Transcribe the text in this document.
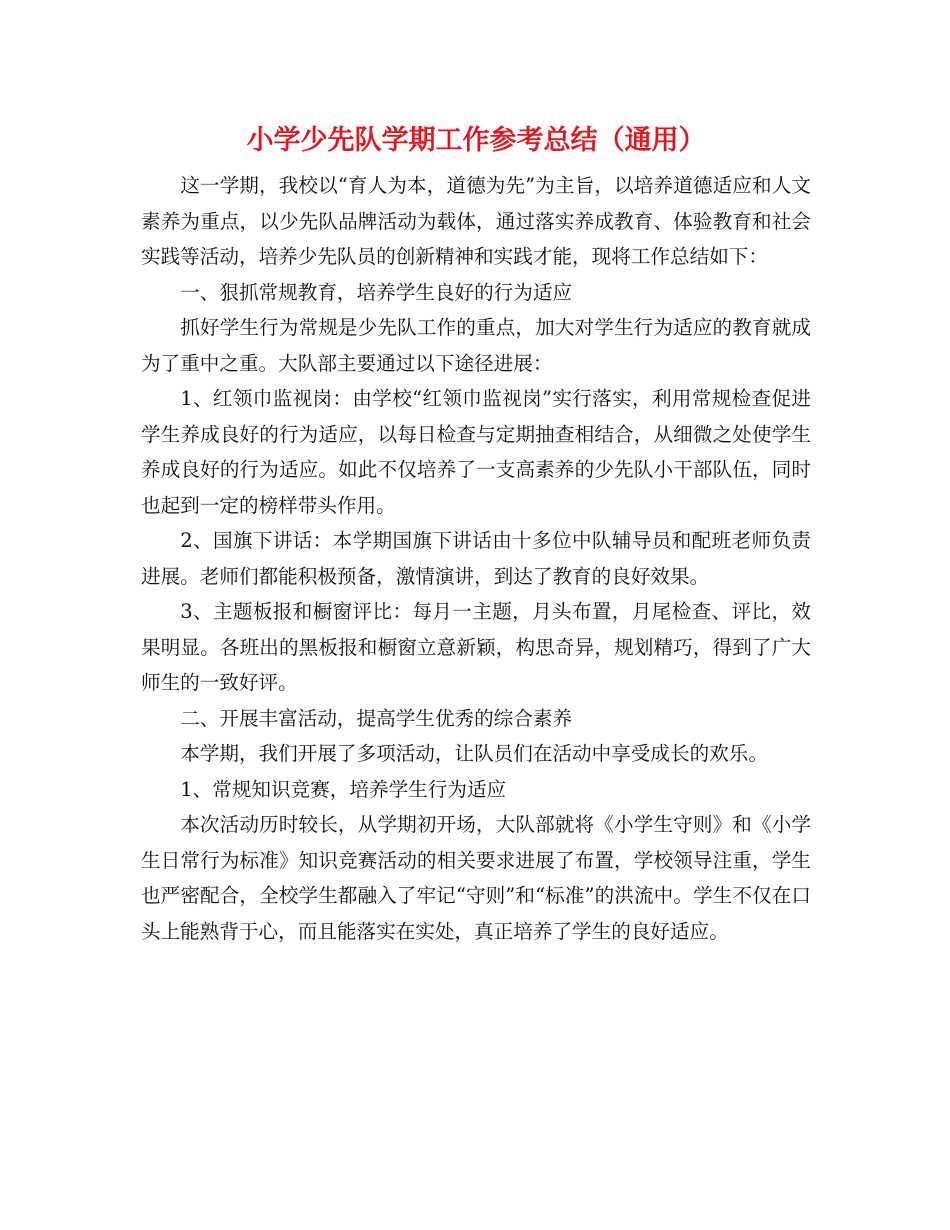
小学少先队学期工作参考总结（通用）

这一学期，我校以“育人为本，道德为先”为主旨，以培养道德适应和人文素养为重点，以少先队品牌活动为载体，通过落实养成教育、体验教育和社会实践等活动，培养少先队员的创新精神和实践才能，现将工作总结如下：

一、狠抓常规教育，培养学生良好的行为适应

抓好学生行为常规是少先队工作的重点，加大对学生行为适应的教育就成为了重中之重。大队部主要通过以下途径进展：

1、红领巾监视岗：由学校“红领巾监视岗”实行落实，利用常规检查促进学生养成良好的行为适应，以每日检查与定期抽查相结合，从细微之处使学生养成良好的行为适应。如此不仅培养了一支高素养的少先队小干部队伍，同时也起到一定的榜样带头作用。

2、国旗下讲话：本学期国旗下讲话由十多位中队辅导员和配班老师负责进展。老师们都能积极预备，激情演讲，到达了教育的良好效果。

3、主题板报和橱窗评比：每月一主题，月头布置，月尾检查、评比，效果明显。各班出的黑板报和橱窗立意新颖，构思奇异，规划精巧，得到了广大师生的一致好评。

二、开展丰富活动，提高学生优秀的综合素养

本学期，我们开展了多项活动，让队员们在活动中享受成长的欢乐。

1、常规知识竞赛，培养学生行为适应

本次活动历时较长，从学期初开场，大队部就将《小学生守则》和《小学生日常行为标准》知识竞赛活动的相关要求进展了布置，学校领导注重，学生也严密配合，全校学生都融入了牢记“守则”和“标准”的洪流中。学生不仅在口头上能熟背于心，而且能落实在实处，真正培养了学生的良好适应。
